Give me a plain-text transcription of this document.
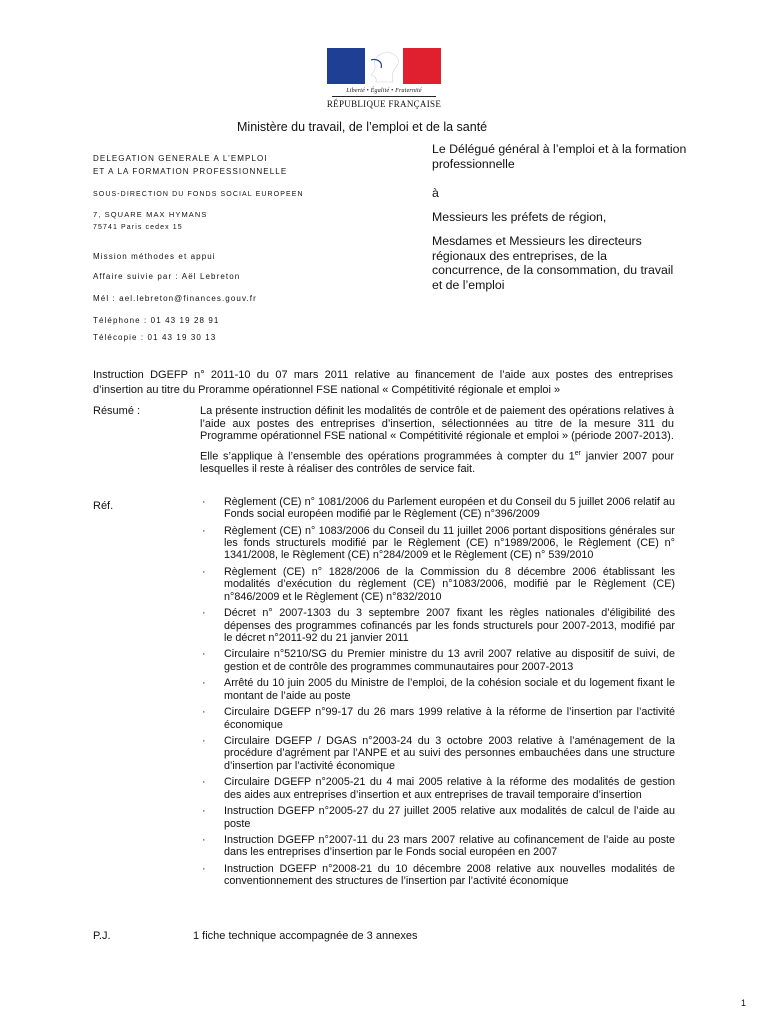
Liberté • Égalité • Fraternité
RÉPUBLIQUE FRANÇAISE
Ministère du travail, de l’emploi et de la santé
DELEGATION GENERALE A L’EMPLOI
ET A LA FORMATION PROFESSIONNELLE
SOUS-DIRECTION DU FONDS SOCIAL EUROPEEN
7, SQUARE MAX HYMANS
75741 Paris cedex 15
Mission méthodes et appui
Affaire suivie par : Aël Lebreton
Mél : ael.lebreton@finances.gouv.fr
Téléphone : 01 43 19 28 91
Télécopie : 01 43 19 30 13
Le Délégué général à l’emploi et à la formation professionnelle
à
Messieurs les préfets de région,
Mesdames et Messieurs les directeurs régionaux des entreprises, de la concurrence, de la consommation, du travail et de l’emploi
Instruction DGEFP n° 2011-10 du 07 mars 2011 relative au financement de l’aide aux postes des entreprises d’insertion au titre du Proramme opérationnel FSE national « Compétitivité régionale et emploi »
Résumé :	La présente instruction définit les modalités de contrôle et de paiement des opérations relatives à l’aide aux postes des entreprises d’insertion, sélectionnées au titre de la mesure 311 du Programme opérationnel FSE national « Compétitivité régionale et emploi » (période 2007-2013).

Elle s’applique à l’ensemble des opérations programmées à compter du 1er janvier 2007 pour lesquelles il reste à réaliser des contrôles de service fait.

Réf.	· Règlement (CE) n° 1081/2006 du Parlement européen et du Conseil du 5 juillet 2006 relatif au Fonds social européen modifié par le Règlement (CE) n°396/2009
· Règlement (CE) n° 1083/2006 du Conseil du 11 juillet 2006 portant dispositions générales sur les fonds structurels modifié par le Règlement (CE) n°1989/2006, le Règlement (CE) n° 1341/2008, le Règlement (CE) n°284/2009 et le Règlement (CE) n° 539/2010
· Règlement (CE) n° 1828/2006 de la Commission du 8 décembre 2006 établissant les modalités d’exécution du règlement (CE) n°1083/2006, modifié par le Règlement (CE) n°846/2009 et le Règlement (CE) n°832/2010
· Décret n° 2007-1303 du 3 septembre 2007 fixant les règles nationales d’éligibilité des dépenses des programmes cofinancés par les fonds structurels pour 2007-2013, modifié par le décret n°2011-92 du 21 janvier 2011
· Circulaire n°5210/SG du Premier ministre du 13 avril 2007 relative au dispositif de suivi, de gestion et de contrôle des programmes communautaires pour 2007-2013
· Arrêté du 10 juin 2005 du Ministre de l’emploi, de la cohésion sociale et du logement fixant le montant de l’aide au poste
· Circulaire DGEFP n°99-17 du 26 mars 1999 relative à la réforme de l’insertion par l’activité économique
· Circulaire DGEFP / DGAS n°2003-24 du 3 octobre 2003 relative à l’aménagement de la procédure d’agrément par l’ANPE et au suivi des personnes embauchées dans une structure d’insertion par l’activité économique
· Circulaire DGEFP n°2005-21 du 4 mai 2005 relative à la réforme des modalités de gestion des aides aux entreprises d’insertion et aux entreprises de travail temporaire d’insertion
· Instruction DGEFP n°2005-27 du 27 juillet 2005 relative aux modalités de calcul de l’aide au poste
· Instruction DGEFP n°2007-11 du 23 mars 2007 relative au cofinancement de l’aide au poste dans les entreprises d’insertion par le Fonds social européen en 2007
· Instruction DGEFP n°2008-21 du 10 décembre 2008 relative aux nouvelles modalités de conventionnement des structures de l’insertion par l’activité économique
P.J.	1 fiche technique accompagnée de 3 annexes
1
